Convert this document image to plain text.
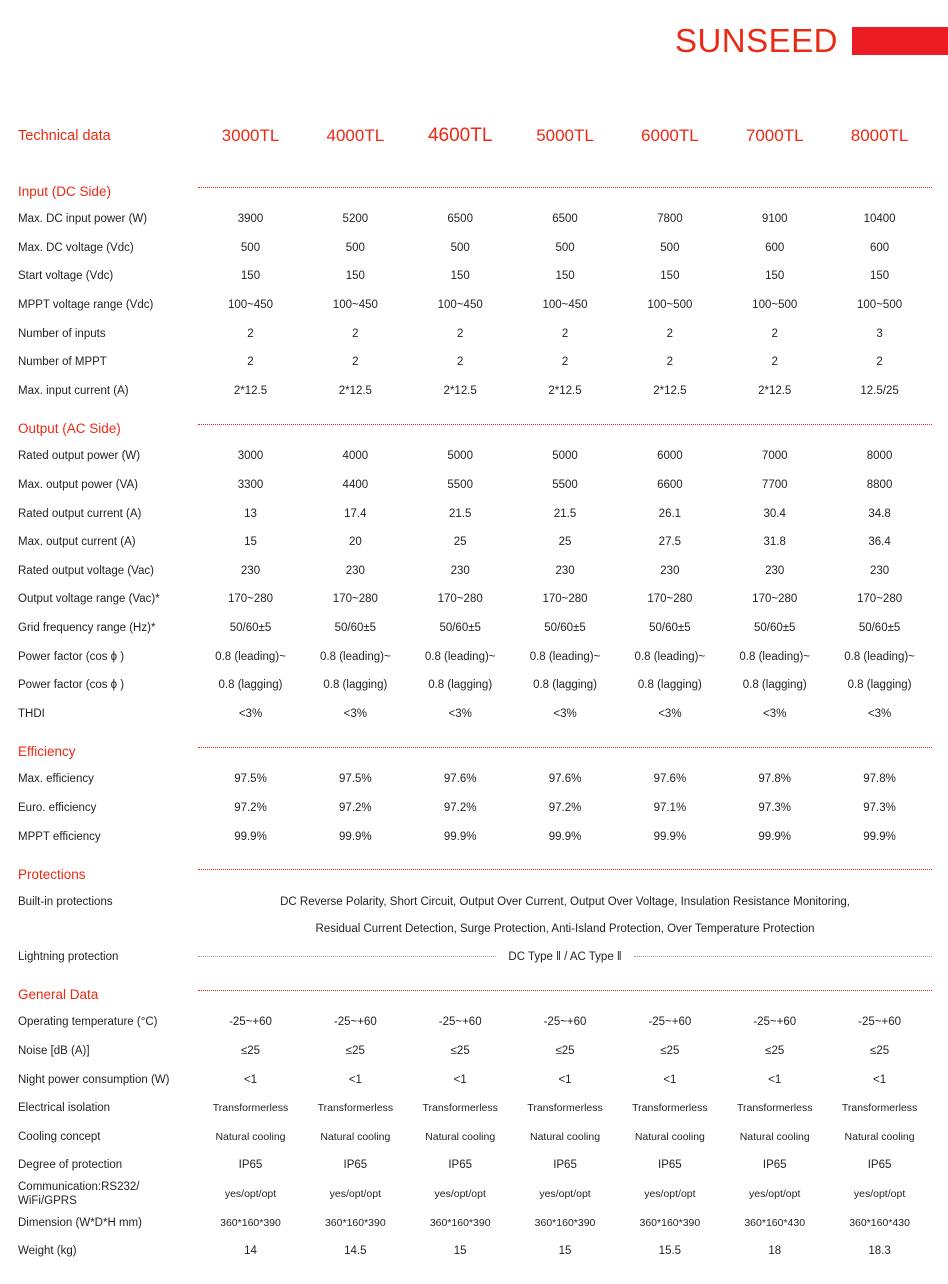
SUNSEED
Technical data	3000TL	4000TL	4600TL	5000TL	6000TL	7000TL	8000TL
Input (DC Side)							
Max. DC input power (W)	3900	5200	6500	6500	7800	9100	10400
Max. DC voltage (Vdc)	500	500	500	500	500	600	600
Start voltage (Vdc)	150	150	150	150	150	150	150
MPPT voltage range (Vdc)	100~450	100~450	100~450	100~450	100~500	100~500	100~500
Number of inputs	2	2	2	2	2	2	3
Number of MPPT	2	2	2	2	2	2	2
Max. input current (A)	2*12.5	2*12.5	2*12.5	2*12.5	2*12.5	2*12.5	12.5/25
Output (AC Side)							
Rated output power (W)	3000	4000	5000	5000	6000	7000	8000
Max. output power (VA)	3300	4400	5500	5500	6600	7700	8800
Rated output current (A)	13	17.4	21.5	21.5	26.1	30.4	34.8
Max. output current (A)	15	20	25	25	27.5	31.8	36.4
Rated output voltage (Vac)	230	230	230	230	230	230	230
Output voltage range (Vac)*	170~280	170~280	170~280	170~280	170~280	170~280	170~280
Grid frequency range (Hz)*	50/60±5	50/60±5	50/60±5	50/60±5	50/60±5	50/60±5	50/60±5
Power factor (cos ϕ )	0.8 (leading)~	0.8 (leading)~	0.8 (leading)~	0.8 (leading)~	0.8 (leading)~	0.8 (leading)~	0.8 (leading)~
Power factor (cos ϕ )	0.8 (lagging)	0.8 (lagging)	0.8 (lagging)	0.8 (lagging)	0.8 (lagging)	0.8 (lagging)	0.8 (lagging)
THDI	<3%	<3%	<3%	<3%	<3%	<3%	<3%
Efficiency							
Max. efficiency	97.5%	97.5%	97.6%	97.6%	97.6%	97.8%	97.8%
Euro. efficiency	97.2%	97.2%	97.2%	97.2%	97.1%	97.3%	97.3%
MPPT efficiency	99.9%	99.9%	99.9%	99.9%	99.9%	99.9%	99.9%
Protections							
Built-in protections	DC Reverse Polarity, Short Circuit, Output Over Current, Output Over Voltage, Insulation Resistance Monitoring,						
	Residual Current Detection, Surge Protection, Anti-Island Protection, Over Temperature Protection						
Lightning protection	DC Type ‖ / AC Type ‖						

General Data							
Operating temperature (°C)	-25~+60	-25~+60	-25~+60	-25~+60	-25~+60	-25~+60	-25~+60
Noise [dB (A)]	≤25	≤25	≤25	≤25	≤25	≤25	≤25
Night power consumption (W)	<1	<1	<1	<1	<1	<1	<1
Electrical isolation	Transformerless	Transformerless	Transformerless	Transformerless	Transformerless	Transformerless	Transformerless
Cooling concept	Natural cooling	Natural cooling	Natural cooling	Natural cooling	Natural cooling	Natural cooling	Natural cooling
Degree of protection	IP65	IP65	IP65	IP65	IP65	IP65	IP65

Communication:RS232/
WiFi/GPRS	yes/opt/opt	yes/opt/opt	yes/opt/opt	yes/opt/opt	yes/opt/opt	yes/opt/opt	yes/opt/opt
Dimension (W*D*H mm)	360*160*390	360*160*390	360*160*390	360*160*390	360*160*390	360*160*430	360*160*430
Weight (kg)	14	14.5	15	15	15.5	18	18.3
